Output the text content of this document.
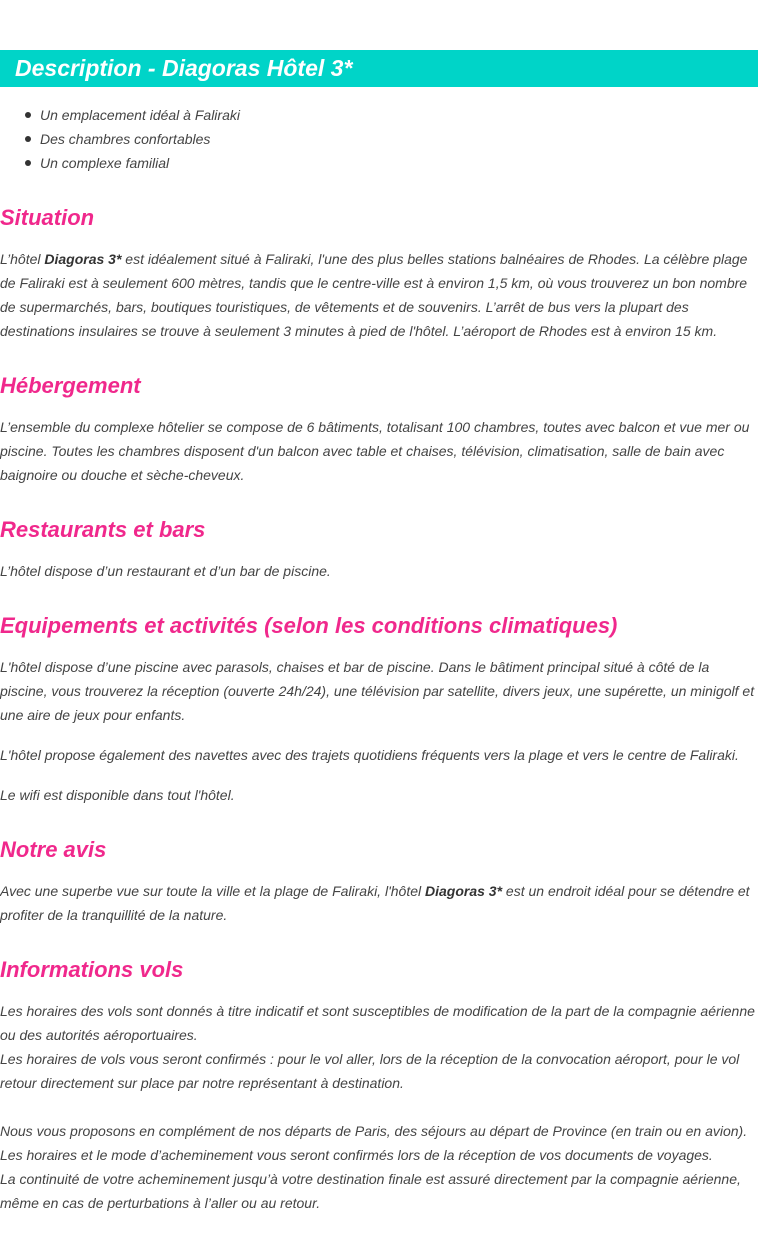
Description - Diagoras Hôtel 3*
Un emplacement idéal à Faliraki
Des chambres confortables
Un complexe familial
Situation

L’hôtel Diagoras 3* est idéalement situé à Faliraki, l'une des plus belles stations balnéaires de Rhodes. La célèbre plage de Faliraki est à seulement 600 mètres, tandis que le centre-ville est à environ 1,5 km, où vous trouverez un bon nombre de supermarchés, bars, boutiques touristiques, de vêtements et de souvenirs. L’arrêt de bus vers la plupart des destinations insulaires se trouve à seulement 3 minutes à pied de l'hôtel. L’aéroport de Rhodes est à environ 15 km.

Hébergement

L’ensemble du complexe hôtelier se compose de 6 bâtiments, totalisant 100 chambres, toutes avec balcon et vue mer ou piscine. Toutes les chambres disposent d'un balcon avec table et chaises, télévision, climatisation, salle de bain avec baignoire ou douche et sèche-cheveux.

Restaurants et bars

L’hôtel dispose d’un restaurant et d’un bar de piscine.

Equipements et activités (selon les conditions climatiques)

L'hôtel dispose d’une piscine avec parasols, chaises et bar de piscine. Dans le bâtiment principal situé à côté de la piscine, vous trouverez la réception (ouverte 24h/24), une télévision par satellite, divers jeux, une supérette, un minigolf et une aire de jeux pour enfants.

L'hôtel propose également des navettes avec des trajets quotidiens fréquents vers la plage et vers le centre de Faliraki.

Le wifi est disponible dans tout l'hôtel.

Notre avis

Avec une superbe vue sur toute la ville et la plage de Faliraki, l'hôtel Diagoras 3* est un endroit idéal pour se détendre et profiter de la tranquillité de la nature.

Informations vols

Les horaires des vols sont donnés à titre indicatif et sont susceptibles de modification de la part de la compagnie aérienne ou des autorités aéroportuaires.

Les horaires de vols vous seront confirmés : pour le vol aller, lors de la réception de la convocation aéroport, pour le vol retour directement sur place par notre représentant à destination.

Nous vous proposons en complément de nos départs de Paris, des séjours au départ de Province (en train ou en avion).

Les horaires et le mode d’acheminement vous seront confirmés lors de la réception de vos documents de voyages.

La continuité de votre acheminement jusqu’à votre destination finale est assuré directement par la compagnie aérienne, même en cas de perturbations à l’aller ou au retour.
